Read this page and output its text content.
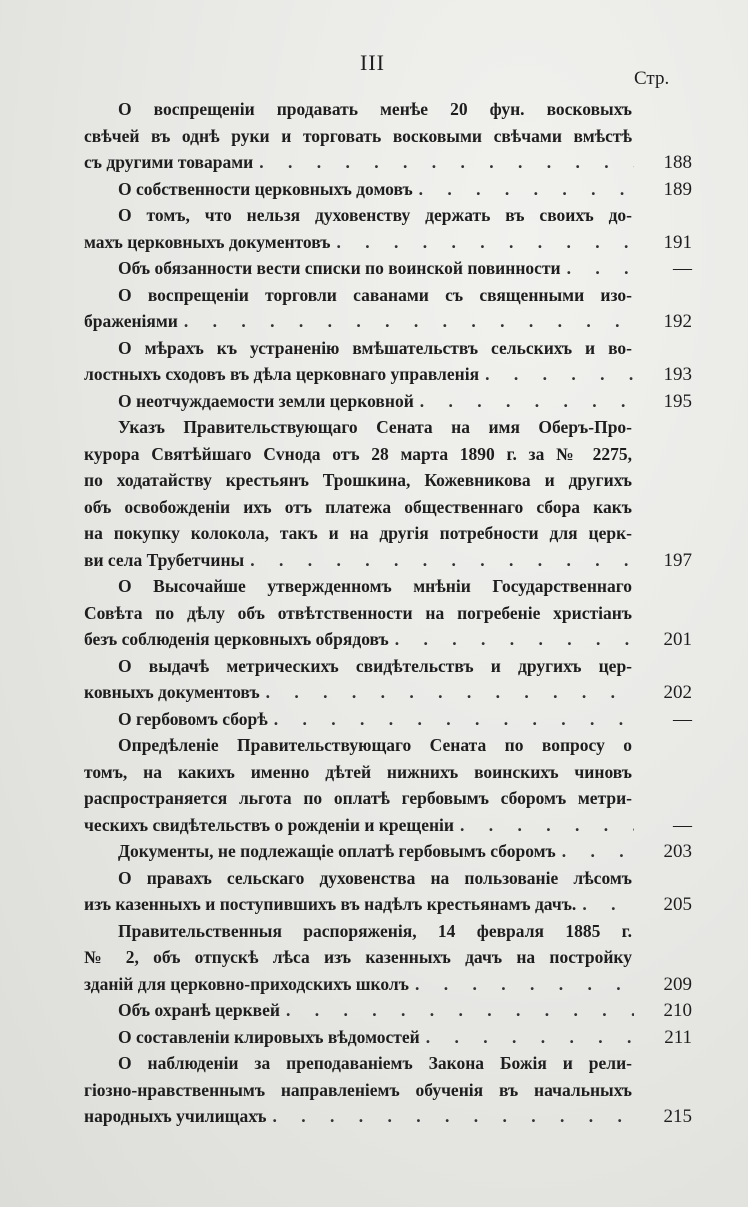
III
Стр.
О воспрещенiи продавать менѣе 20 фун. восковыхъ
свѣчей въ однѣ руки и торговать восковыми свѣчами вмѣстѣ
съ другими товарами . . .	188
О собственности церковныхъ домовъ . . .	189
О томъ, что нельзя духовенству держать въ своихъ до-
махъ церковныхъ документовъ . . .	191
Объ обязанности вести списки по воинской повинности . . .	—
О воспрещенiи торговли саванами съ священными изо-
браженiями . . .	192
О мѣрахъ къ устраненiю вмѣшательствъ сельскихъ и во-
лостныхъ сходовъ въ дѣла церковнаго управленiя . . .	193
О неотчуждаемости земли церковной . . .	195
Указъ Правительствующаго Сената на имя Оберъ-Про-
курора Святѣйшаго Сvнода отъ 28 марта 1890 г. за № 2275,
по ходатайству крестьянъ Трошкина, Кожевникова и другихъ
объ освобожденiи ихъ отъ платежа общественнаго сбора какъ
на покупку колокола, такъ и на другiя потребности для церк-
ви села Трубетчины . . .	197
О Высочайше утвержденномъ мнѣнiи Государственнаго
Совѣта по дѣлу объ отвѣтственности на погребенiе христiанъ
безъ соблюденiя церковныхъ обрядовъ . . .	201
О выдачѣ метрическихъ свидѣтельствъ и другихъ цер-
ковныхъ документовъ . . .	202
О гербовомъ сборѣ . . .	—
Опредѣленiе Правительствующаго Сената по вопросу о
томъ, на какихъ именно дѣтей нижнихъ воинскихъ чиновъ
распространяется льгота по оплатѣ гербовымъ сборомъ метри-
ческихъ свидѣтельствъ о рожденiи и крещенiи . . .	—
Документы, не подлежащiе оплатѣ гербовымъ сборомъ . . .	203
О правахъ сельскаго духовенства на пользованiе лѣсомъ
изъ казенныхъ и поступившихъ въ надѣлъ крестьянамъ дачъ. . . .	205
Правительственныя распоряженiя, 14 февраля 1885 г.
№ 2, объ отпускѣ лѣса изъ казенныхъ дачъ на постройку
зданiй для церковно-приходскихъ школъ . . .	209
Объ охранѣ церквей . . .	210
О составленiи клировыхъ вѣдомостей . . .	211
О наблюденiи за преподаванiемъ Закона Божiя и рели-
гiозно-нравственнымъ направленiемъ обученiя въ начальныхъ
народныхъ училищахъ . . .	215
